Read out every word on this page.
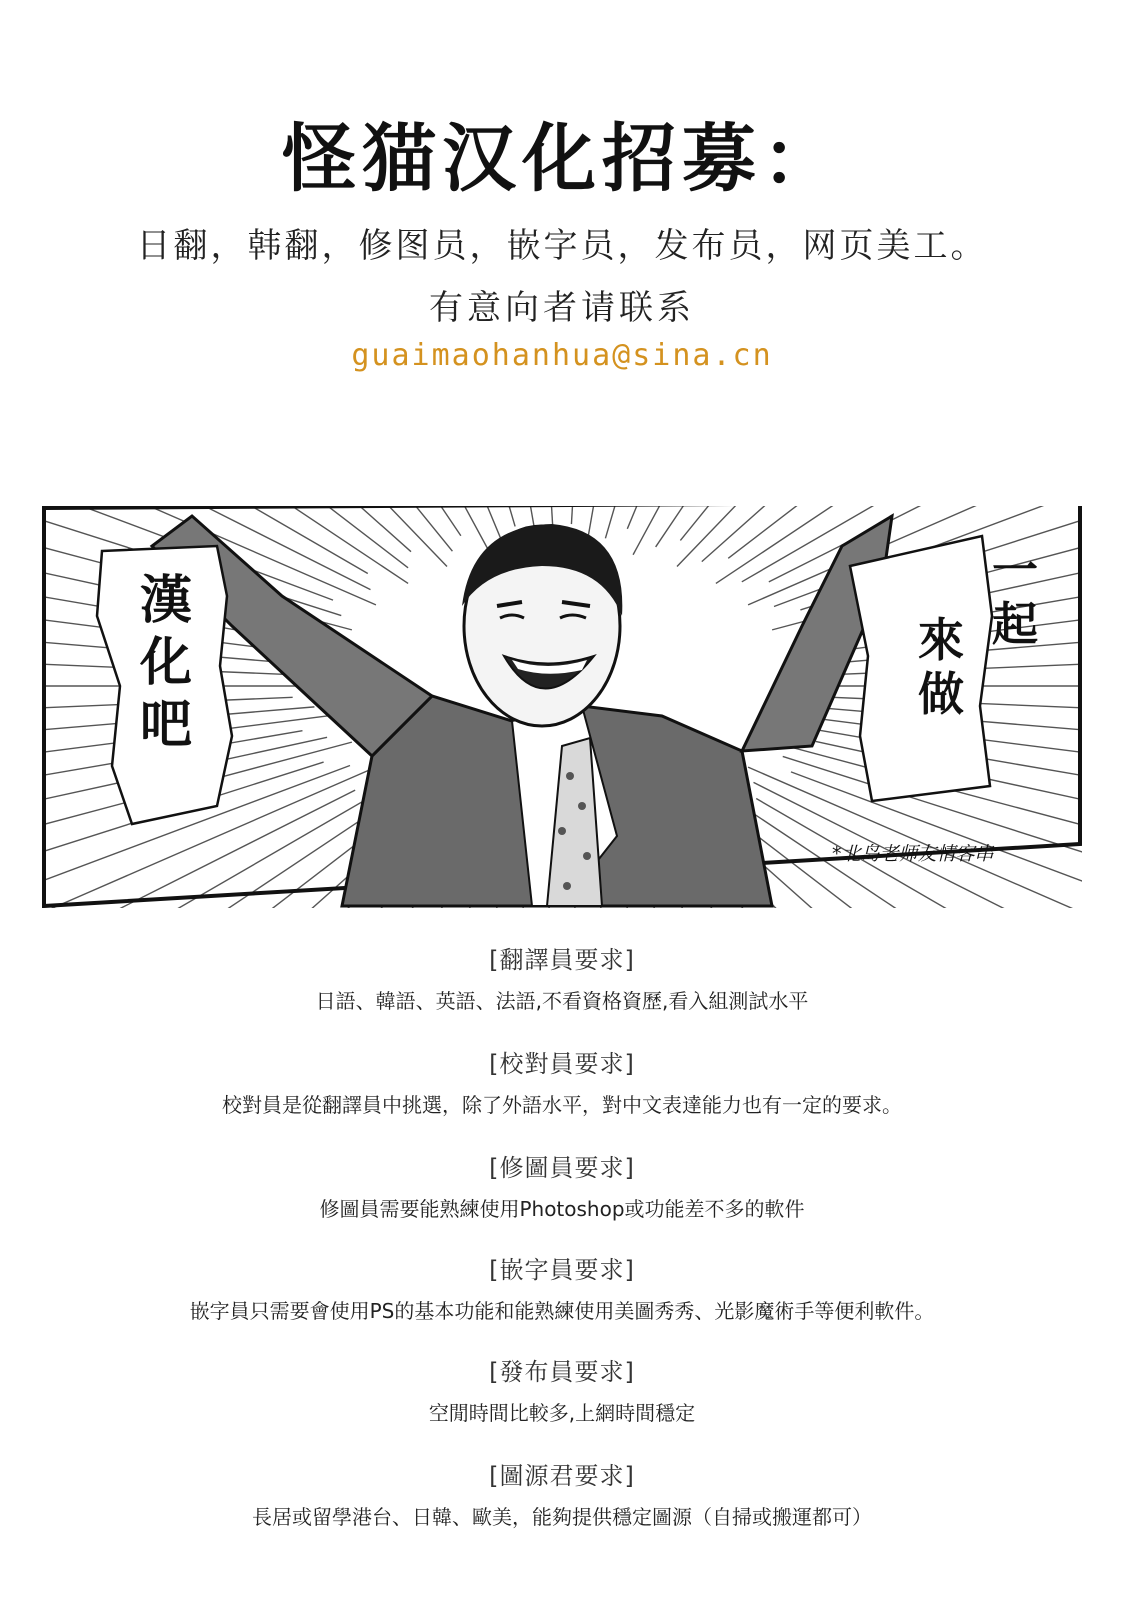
怪猫汉化招募：
日翻，韩翻，修图员，嵌字员，发布员，网页美工。
有意向者请联系
guaimaohanhua@sina.cn
漢 化 吧
一 起 來 做
*北岛老师友情客串
[翻譯員要求]
日語、韓語、英語、法語,不看資格資歷,看入組測試水平
[校對員要求]
校對員是從翻譯員中挑選，除了外語水平，對中文表達能力也有一定的要求。
[修圖員要求]
修圖員需要能熟練使用Photoshop或功能差不多的軟件
[嵌字員要求]
嵌字員只需要會使用PS的基本功能和能熟練使用美圖秀秀、光影魔術手等便利軟件。
[發布員要求]
空閒時間比較多,上網時間穩定
[圖源君要求]
長居或留學港台、日韓、歐美，能夠提供穩定圖源（自掃或搬運都可）
